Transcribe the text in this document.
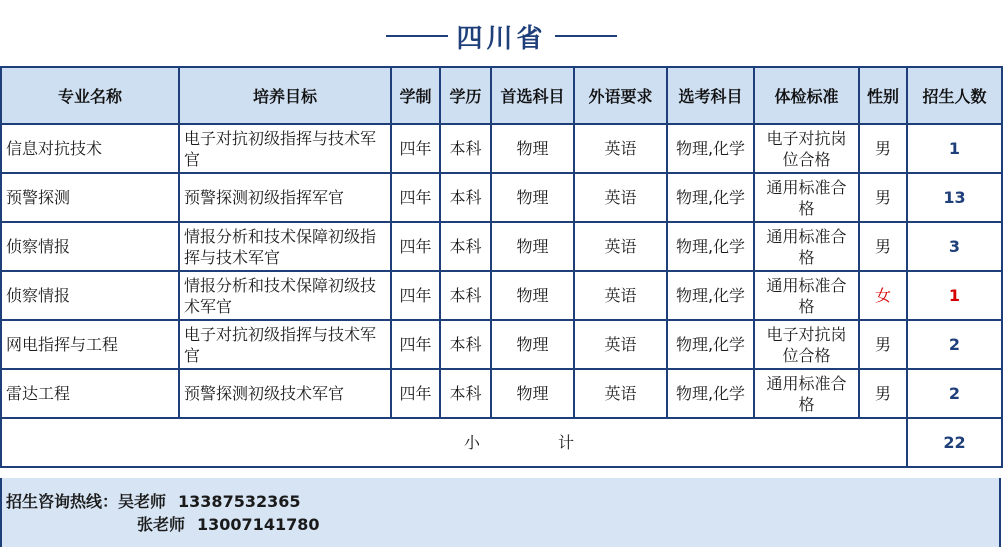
四川省
专业名称	培养目标	学制	学历	首选科目	外语要求	选考科目	体检标准	性别	招生人数
信息对抗技术	电子对抗初级指挥与技术军官	四年	本科	物理	英语	物理,化学	电子对抗岗位合格	男	1
预警探测	预警探测初级指挥军官	四年	本科	物理	英语	物理,化学	通用标准合格	男	13
侦察情报	情报分析和技术保障初级指挥与技术军官	四年	本科	物理	英语	物理,化学	通用标准合格	男	3
侦察情报	情报分析和技术保障初级技术军官	四年	本科	物理	英语	物理,化学	通用标准合格	女	1
网电指挥与工程	电子对抗初级指挥与技术军官	四年	本科	物理	英语	物理,化学	电子对抗岗位合格	男	2
雷达工程	预警探测初级技术军官	四年	本科	物理	英语	物理,化学	通用标准合格	男	2
小 计									22
招生咨询热线：吴老师 13387532365
张老师 13007141780
